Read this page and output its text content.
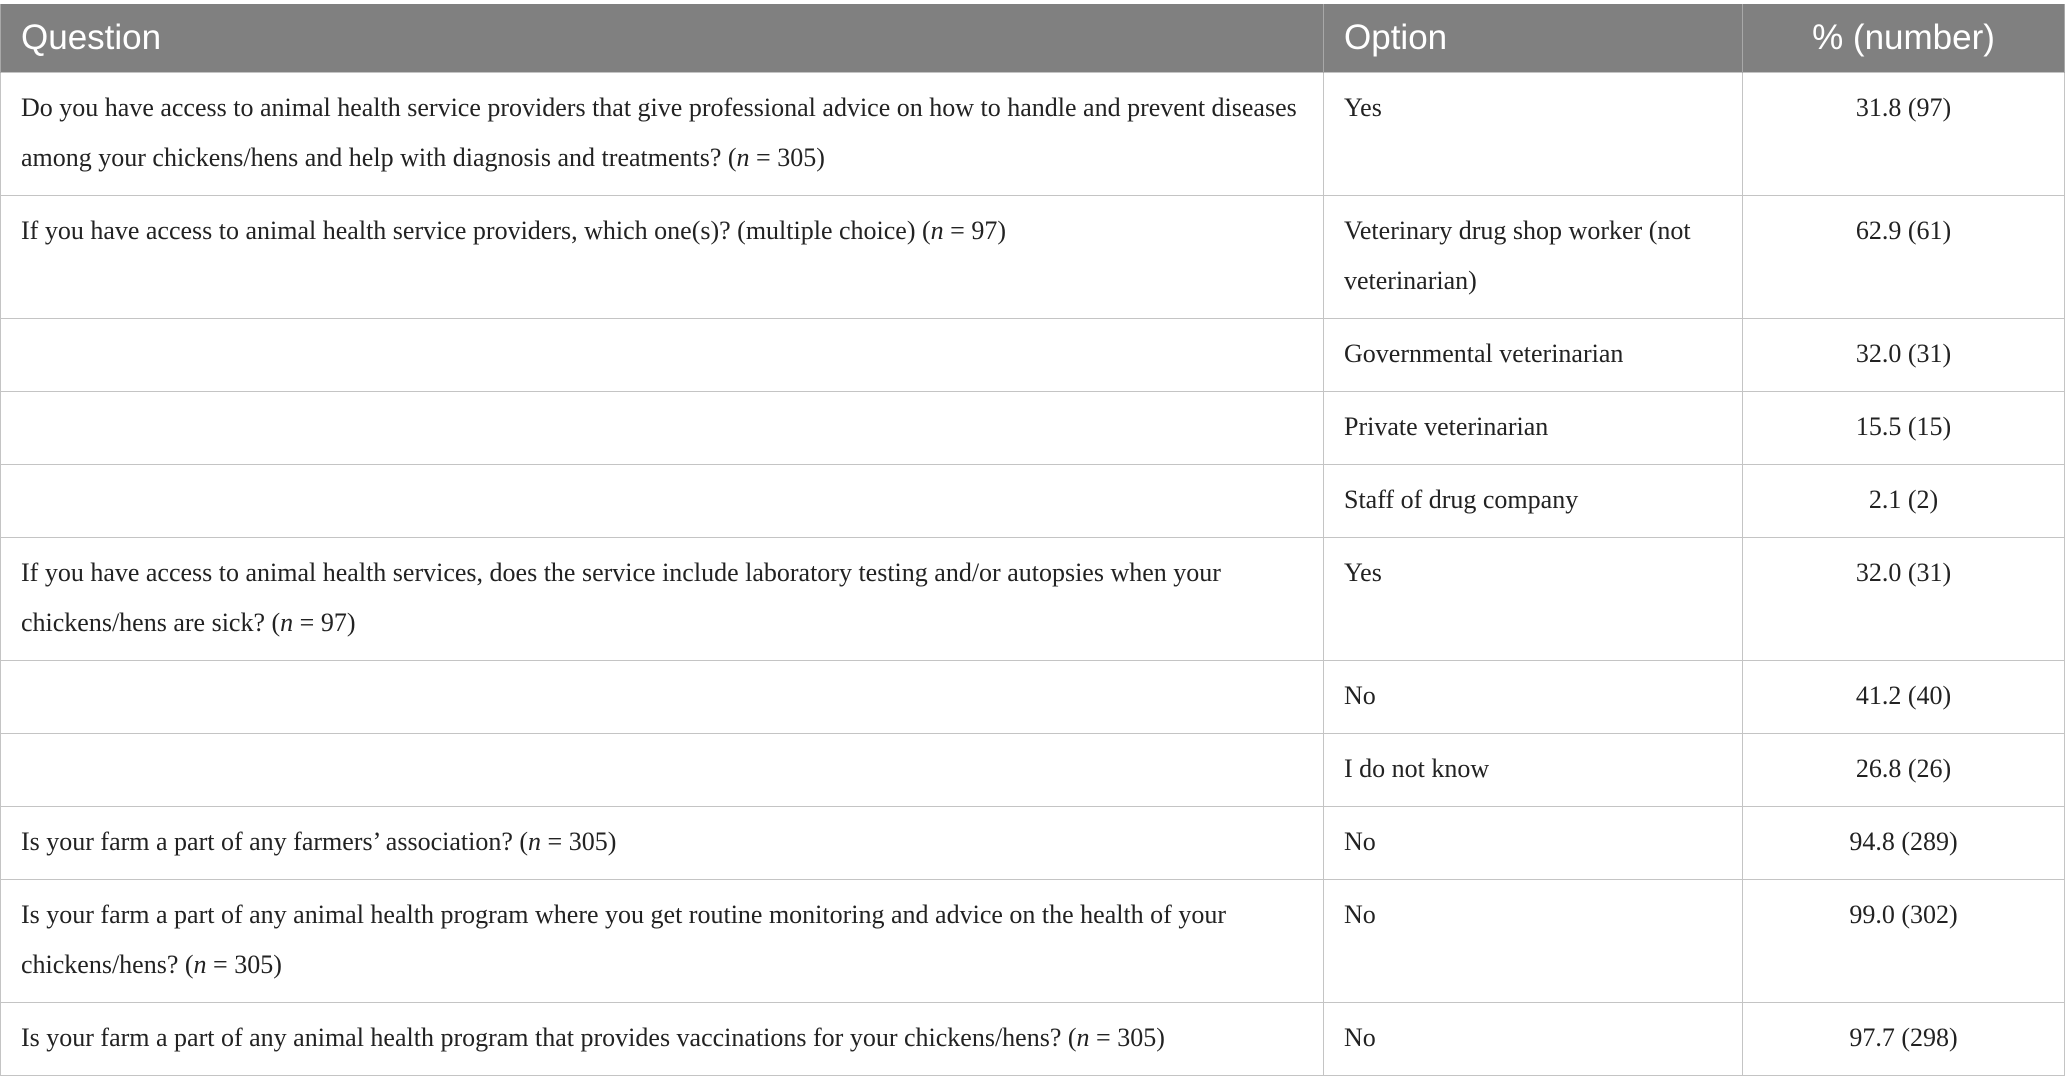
Question	Option	% (number)
Do you have access to animal health service providers that give professional advice on how to handle and prevent diseases among your chickens/hens and help with diagnosis and treatments? (n = 305)	Yes	31.8 (97)
If you have access to animal health service providers, which one(s)? (multiple choice) (n = 97)	Veterinary drug shop worker (not veterinarian)	62.9 (61)
	Governmental veterinarian	32.0 (31)
	Private veterinarian	15.5 (15)
	Staff of drug company	2.1 (2)
If you have access to animal health services, does the service include laboratory testing and/or autopsies when your chickens/hens are sick? (n = 97)	Yes	32.0 (31)
	No	41.2 (40)
	I do not know	26.8 (26)
Is your farm a part of any farmers’ association? (n = 305)	No	94.8 (289)
Is your farm a part of any animal health program where you get routine monitoring and advice on the health of your chickens/hens? (n = 305)	No	99.0 (302)
Is your farm a part of any animal health program that provides vaccinations for your chickens/hens? (n = 305)	No	97.7 (298)
